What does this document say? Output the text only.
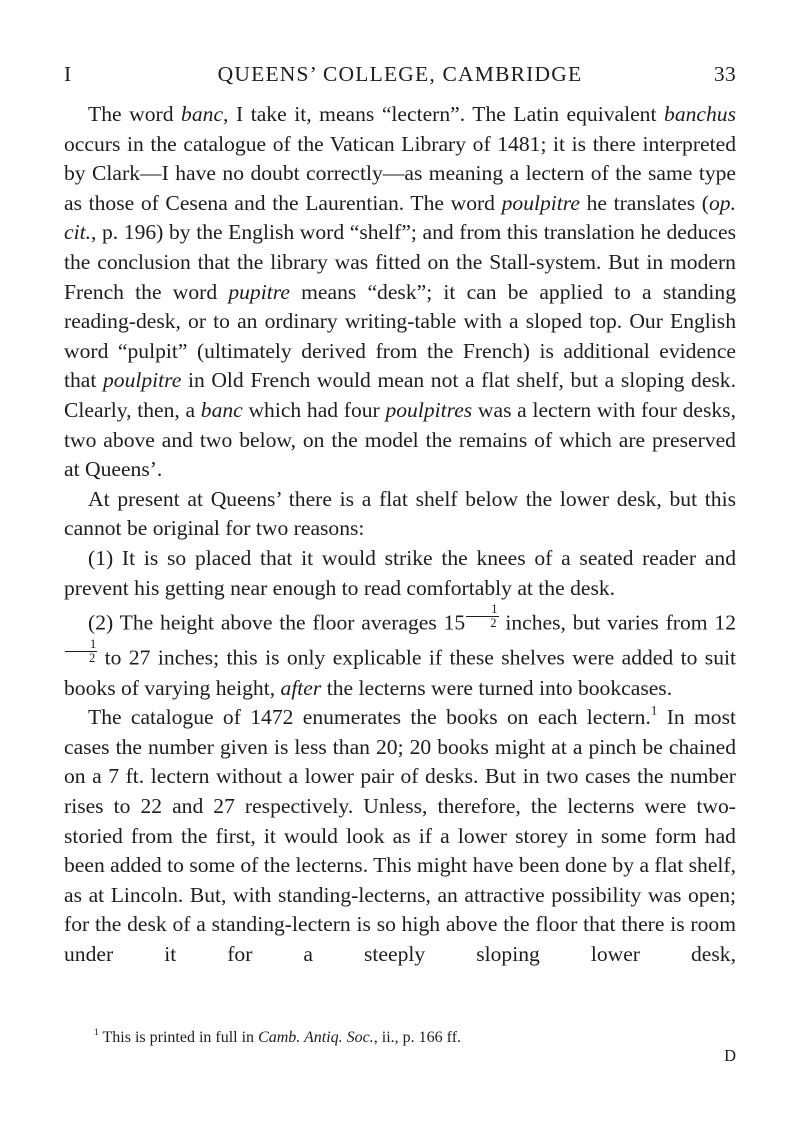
I	QUEENS’ COLLEGE, CAMBRIDGE	33

The word banc, I take it, means “lectern”. The Latin equivalent banchus occurs in the catalogue of the Vatican Library of 1481; it is there interpreted by Clark—I have no doubt correctly—as meaning a lectern of the same type as those of Cesena and the Laurentian. The word poulpitre he translates (op. cit., p. 196) by the English word “shelf”; and from this translation he deduces the conclusion that the library was fitted on the Stall-system. But in modern French the word pupitre means “desk”; it can be applied to a standing reading-desk, or to an ordinary writing-table with a sloped top. Our English word “pulpit” (ultimately derived from the French) is additional evidence that poulpitre in Old French would mean not a flat shelf, but a sloping desk. Clearly, then, a banc which had four poulpitres was a lectern with four desks, two above and two below, on the model the remains of which are preserved at Queens’.

At present at Queens’ there is a flat shelf below the lower desk, but this cannot be original for two reasons:

(1) It is so placed that it would strike the knees of a seated reader and prevent his getting near enough to read comfortably at the desk.

(2) The height above the floor averages $15 \frac{1}{2}$ inches, but varies from 12
$\frac{1}{2}$ to 27 inches; this is only explicable if these shelves were added to suit books of varying height, after the lecterns were turned into bookcases.

The catalogue of 1472 enumerates the books on each lectern.$^1$ In most cases the number given is less than 20; 20 books might at a pinch be chained on a 7 ft. lectern without a lower pair of desks. But in two cases the number rises to 22 and 27 respectively. Unless, therefore, the lecterns were two-storied from the first, it would look as if a lower storey in some form had been added to some of the lecterns. This might have been done by a flat shelf, as at Lincoln. But, with standing-lecterns, an attractive possibility was open; for the desk of a standing-lectern is so high above the floor that there is room under it for a steeply sloping lower desk,

$^1$ This is printed in full in Camb. Antiq. Soc., ii., p. 166 ff.

D
